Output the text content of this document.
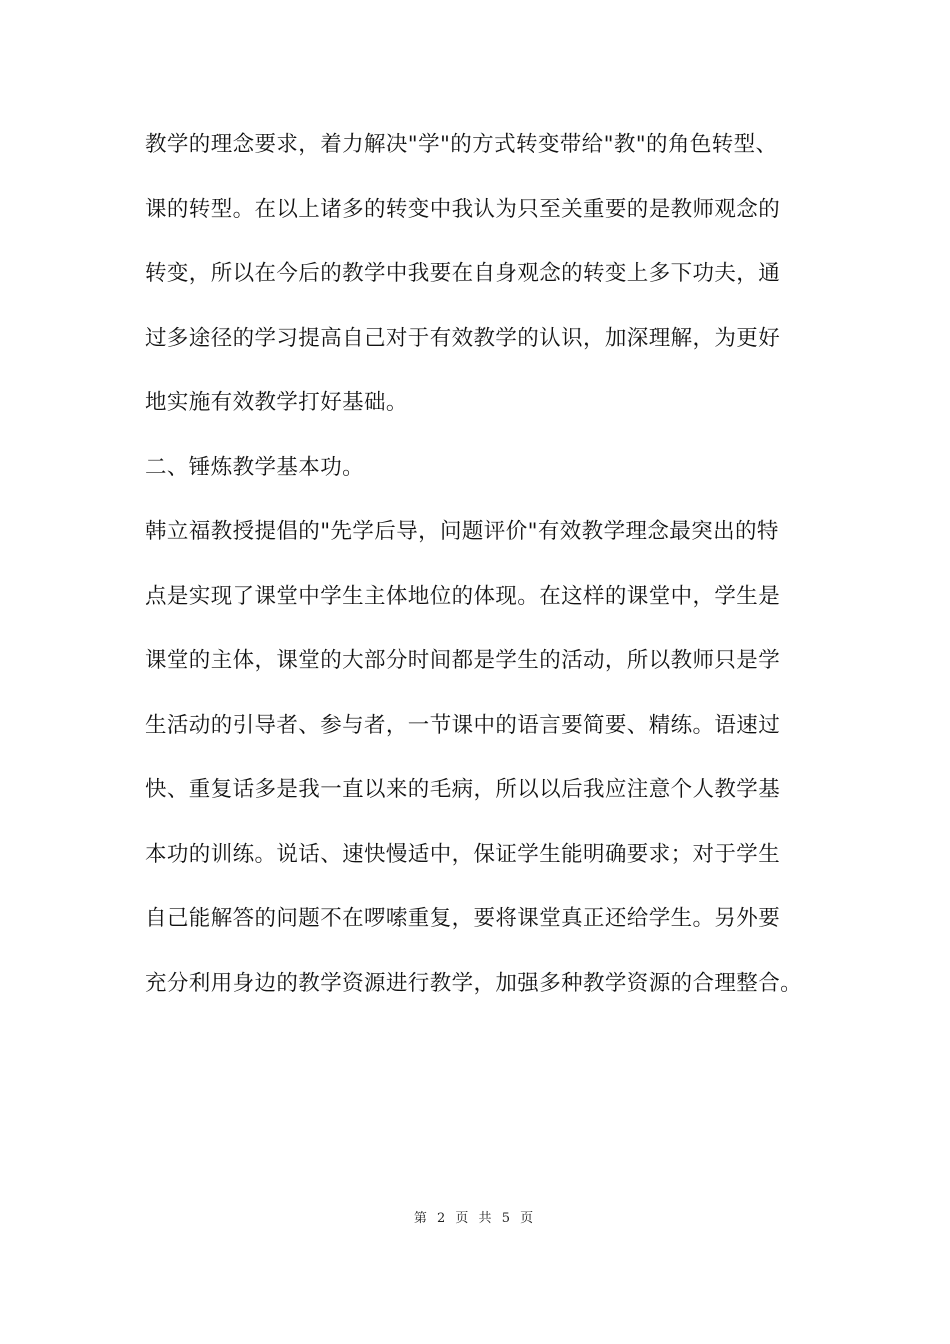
教学的理念要求，着力解决"学"的方式转变带给"教"的角色转型、
课的转型。在以上诸多的转变中我认为只至关重要的是教师观念的
转变，所以在今后的教学中我要在自身观念的转变上多下功夫，通
过多途径的学习提高自己对于有效教学的认识，加深理解，为更好
地实施有效教学打好基础。
二、锤炼教学基本功。
韩立福教授提倡的"先学后导，问题评价"有效教学理念最突出的特
点是实现了课堂中学生主体地位的体现。在这样的课堂中，学生是
课堂的主体，课堂的大部分时间都是学生的活动，所以教师只是学
生活动的引导者、参与者，一节课中的语言要简要、精练。语速过
快、重复话多是我一直以来的毛病，所以以后我应注意个人教学基
本功的训练。说话、速快慢适中，保证学生能明确要求；对于学生
自己能解答的问题不在啰嗦重复，要将课堂真正还给学生。另外要
充分利用身边的教学资源进行教学，加强多种教学资源的合理整合。
第 2 页 共 5 页
